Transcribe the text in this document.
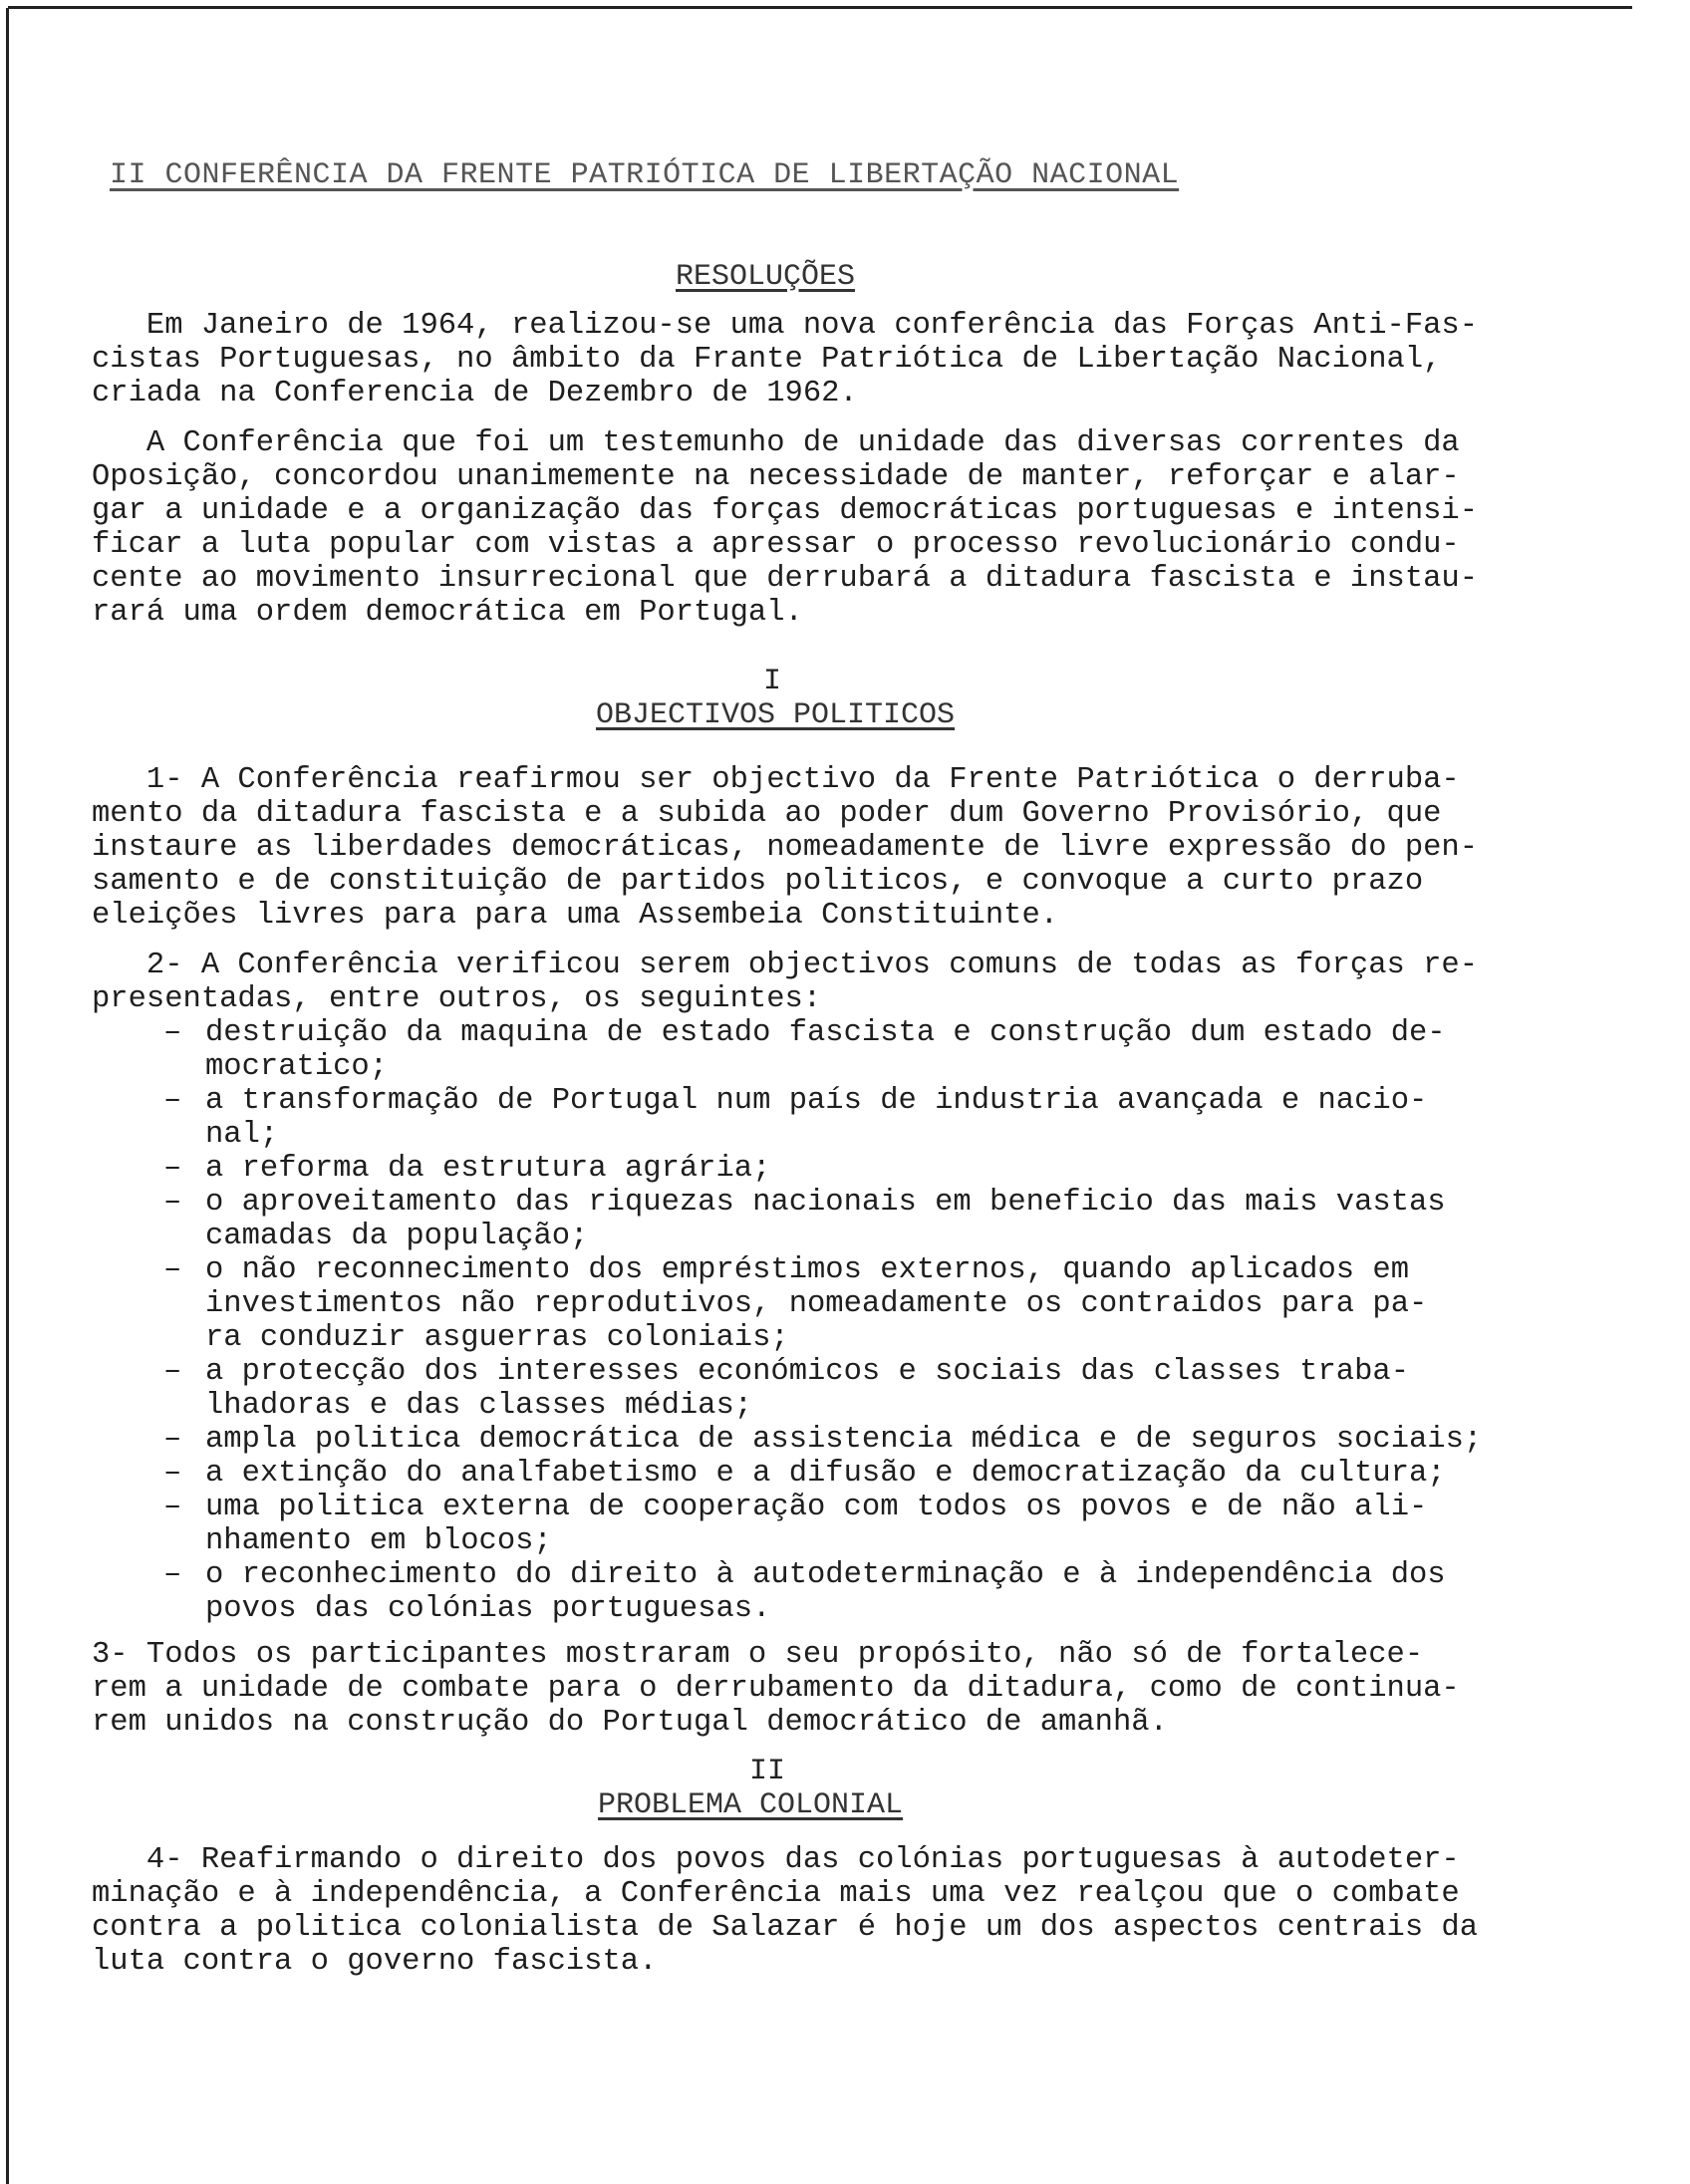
II CONFERÊNCIA DA FRENTE PATRIÓTICA DE LIBERTAÇÃO NACIONAL
RESOLUÇÕES
Em Janeiro de 1964, realizou-se uma nova conferência das Forças Anti-Fas-
cistas Portuguesas, no âmbito da Frante Patriótica de Libertação Nacional,
criada na Conferencia de Dezembro de 1962.
A Conferência que foi um testemunho de unidade das diversas correntes da
Oposição, concordou unanimemente na necessidade de manter, reforçar e alar-
gar a unidade e a organização das forças democráticas portuguesas e intensi-
ficar a luta popular com vistas a apressar o processo revolucionário condu-
cente ao movimento insurrecional que derrubará a ditadura fascista e instau-
rará uma ordem democrática em Portugal.
I
OBJECTIVOS POLITICOS
1- A Conferência reafirmou ser objectivo da Frente Patriótica o derruba-
mento da ditadura fascista e a subida ao poder dum Governo Provisório, que
instaure as liberdades democráticas, nomeadamente de livre expressão do pen-
samento e de constituição de partidos politicos, e convoque a curto prazo
eleições livres para para uma Assembeia Constituinte.
2- A Conferência verificou serem objectivos comuns de todas as forças re-
presentadas, entre outros, os seguintes:
– destruição da maquina de estado fascista e construção dum estado de-
mocratico;
– a transformação de Portugal num país de industria avançada e nacio-
nal;
– a reforma da estrutura agrária;
– o aproveitamento das riquezas nacionais em beneficio das mais vastas
camadas da população;
– o não reconnecimento dos empréstimos externos, quando aplicados em
investimentos não reprodutivos, nomeadamente os contraidos para pa-
ra conduzir asguerras coloniais;
– a protecção dos interesses económicos e sociais das classes traba-
lhadoras e das classes médias;
– ampla politica democrática de assistencia médica e de seguros sociais;
– a extinção do analfabetismo e a difusão e democratização da cultura;
– uma politica externa de cooperação com todos os povos e de não ali-
nhamento em blocos;
– o reconhecimento do direito à autodeterminação e à independência dos
povos das colónias portuguesas.
3- Todos os participantes mostraram o seu propósito, não só de fortalece-
rem a unidade de combate para o derrubamento da ditadura, como de continua-
rem unidos na construção do Portugal democrático de amanhã.
II
PROBLEMA COLONIAL
4- Reafirmando o direito dos povos das colónias portuguesas à autodeter-
minação e à independência, a Conferência mais uma vez realçou que o combate
contra a politica colonialista de Salazar é hoje um dos aspectos centrais da
luta contra o governo fascista.
